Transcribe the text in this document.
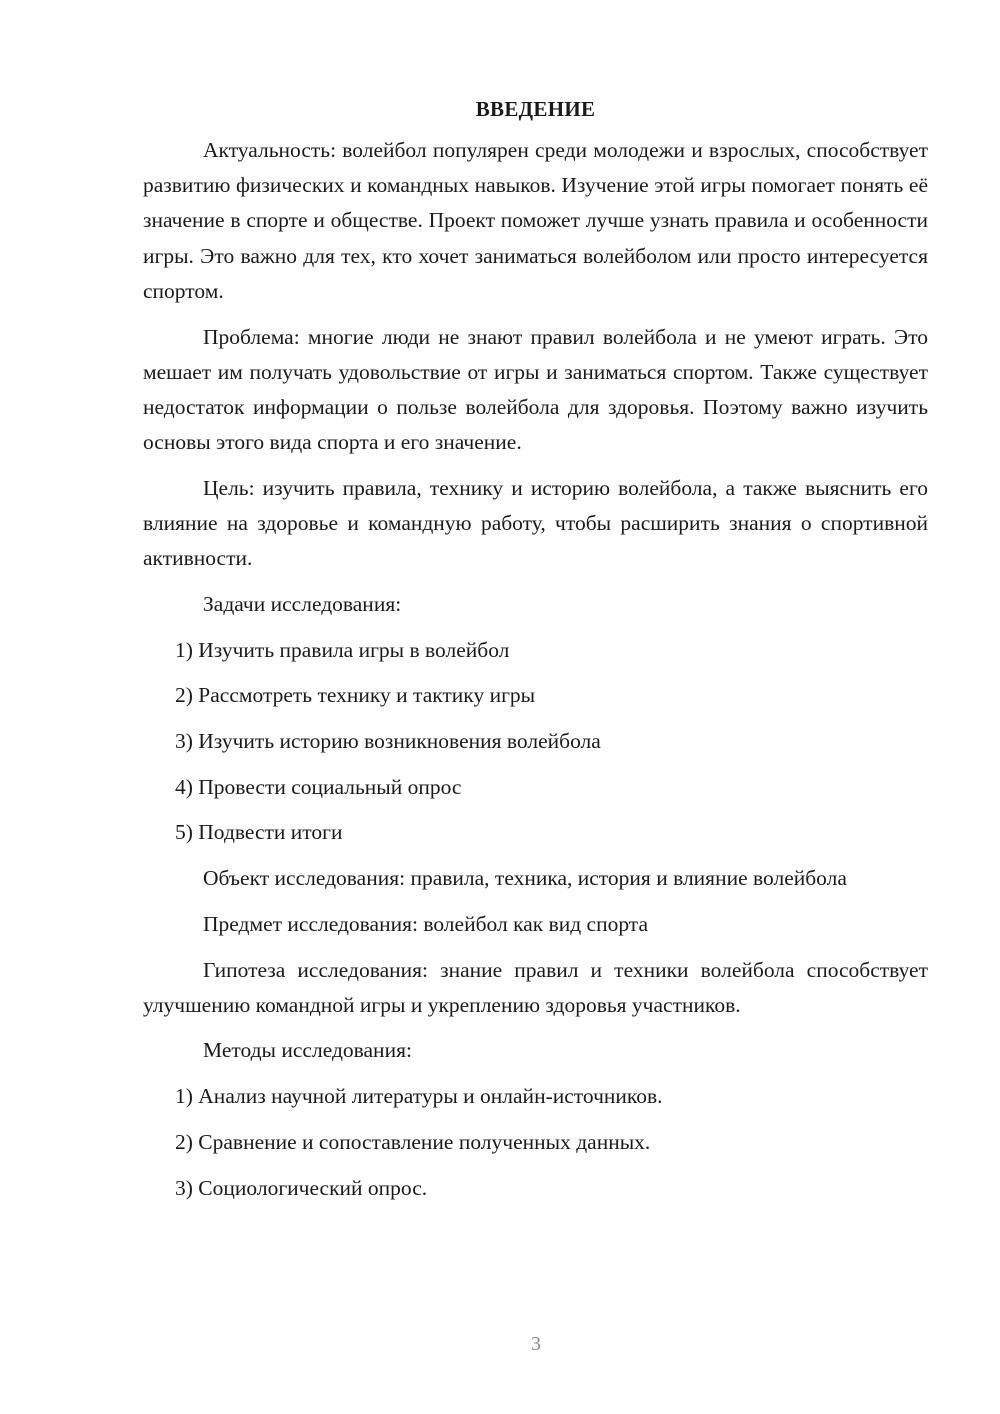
ВВЕДЕНИЕ

Актуальность: волейбол популярен среди молодежи и взрослых, способствует развитию физических и командных навыков. Изучение этой игры помогает понять её значение в спорте и обществе. Проект поможет лучше узнать правила и особенности игры. Это важно для тех, кто хочет заниматься волейболом или просто интересуется спортом.

Проблема: многие люди не знают правил волейбола и не умеют играть. Это мешает им получать удовольствие от игры и заниматься спортом. Также существует недостаток информации о пользе волейбола для здоровья. Поэтому важно изучить основы этого вида спорта и его значение.

Цель: изучить правила, технику и историю волейбола, а также выяснить его влияние на здоровье и командную работу, чтобы расширить знания о спортивной активности.

Задачи исследования:

1) Изучить правила игры в волейбол
2) Рассмотреть технику и тактику игры
3) Изучить историю возникновения волейбола
4) Провести социальный опрос
5) Подвести итоги

Объект исследования: правила, техника, история и влияние волейбола

Предмет исследования: волейбол как вид спорта

Гипотеза исследования: знание правил и техники волейбола способствует улучшению командной игры и укреплению здоровья участников.

Методы исследования:

1) Анализ научной литературы и онлайн-источников.
2) Сравнение и сопоставление полученных данных.
3) Социологический опрос.
3
